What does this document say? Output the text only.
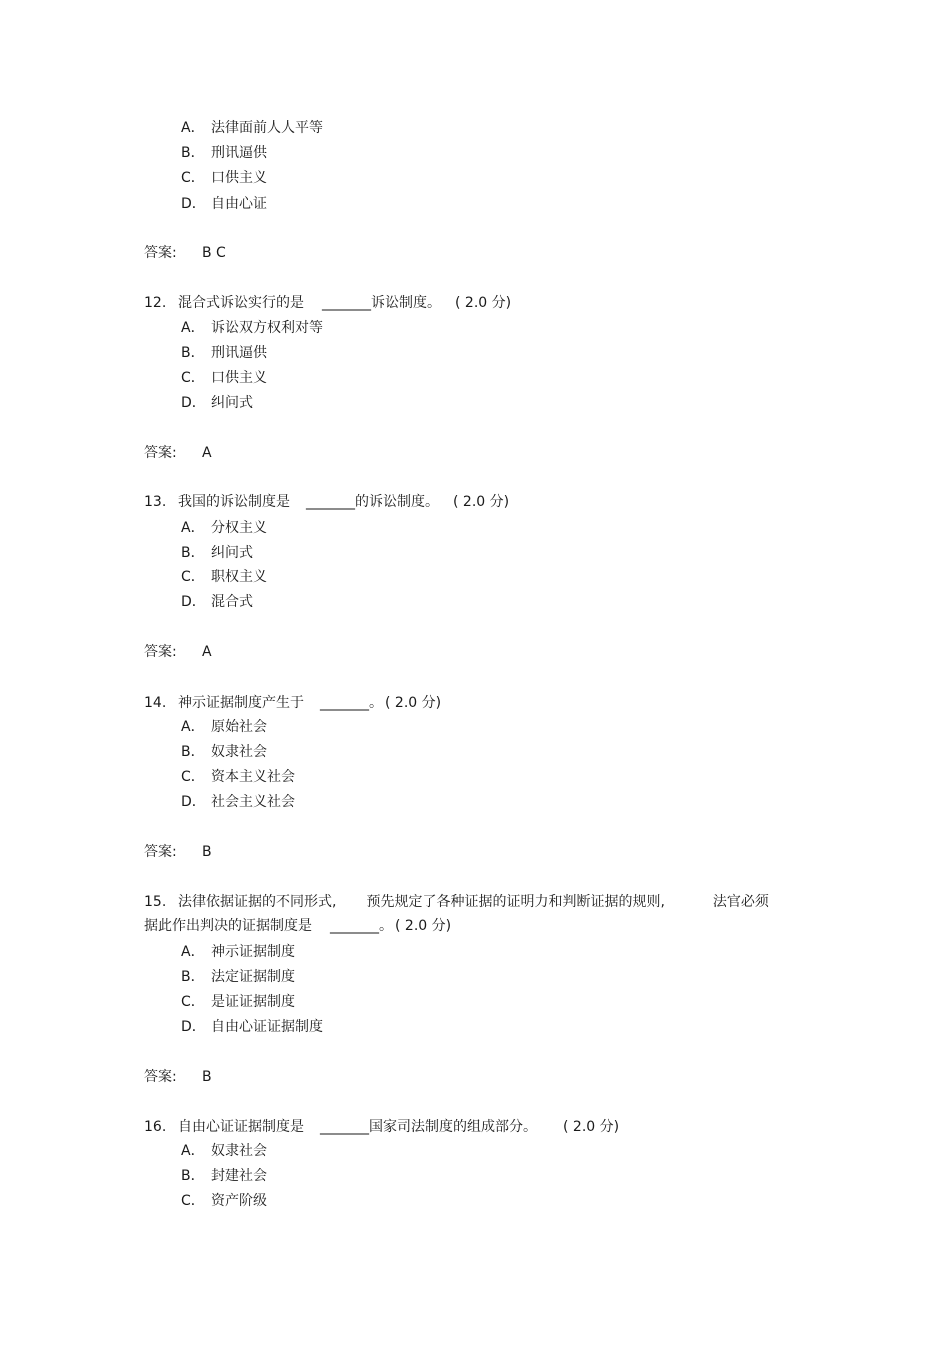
A． 法律面前人人平等
B． 刑讯逼供
C． 口供主义
D． 自由心证
答案: B C
12. 混合式诉讼实行的是 _______诉讼制度。 ( 2.0 分)
A． 诉讼双方权利对等
B． 刑讯逼供
C． 口供主义
D． 纠问式
答案: A
13. 我国的诉讼制度是 _______的诉讼制度。 ( 2.0 分)
A． 分权主义
B． 纠问式
C． 职权主义
D． 混合式
答案: A
14. 神示证据制度产生于 _______。 ( 2.0 分)
A． 原始社会
B． 奴隶社会
C． 资本主义社会
D． 社会主义社会
答案: B
15. 法律依据证据的不同形式, 预先规定了各种证据的证明力和判断证据的规则,	法官必须
据此作出判决的证据制度是 _______。 ( 2.0 分)
A． 神示证据制度
B． 法定证据制度
C． 是证证据制度
D． 自由心证证据制度
答案: B
16. 自由心证证据制度是 _______国家司法制度的组成部分。 ( 2.0 分)
A． 奴隶社会
B． 封建社会
C． 资产阶级
